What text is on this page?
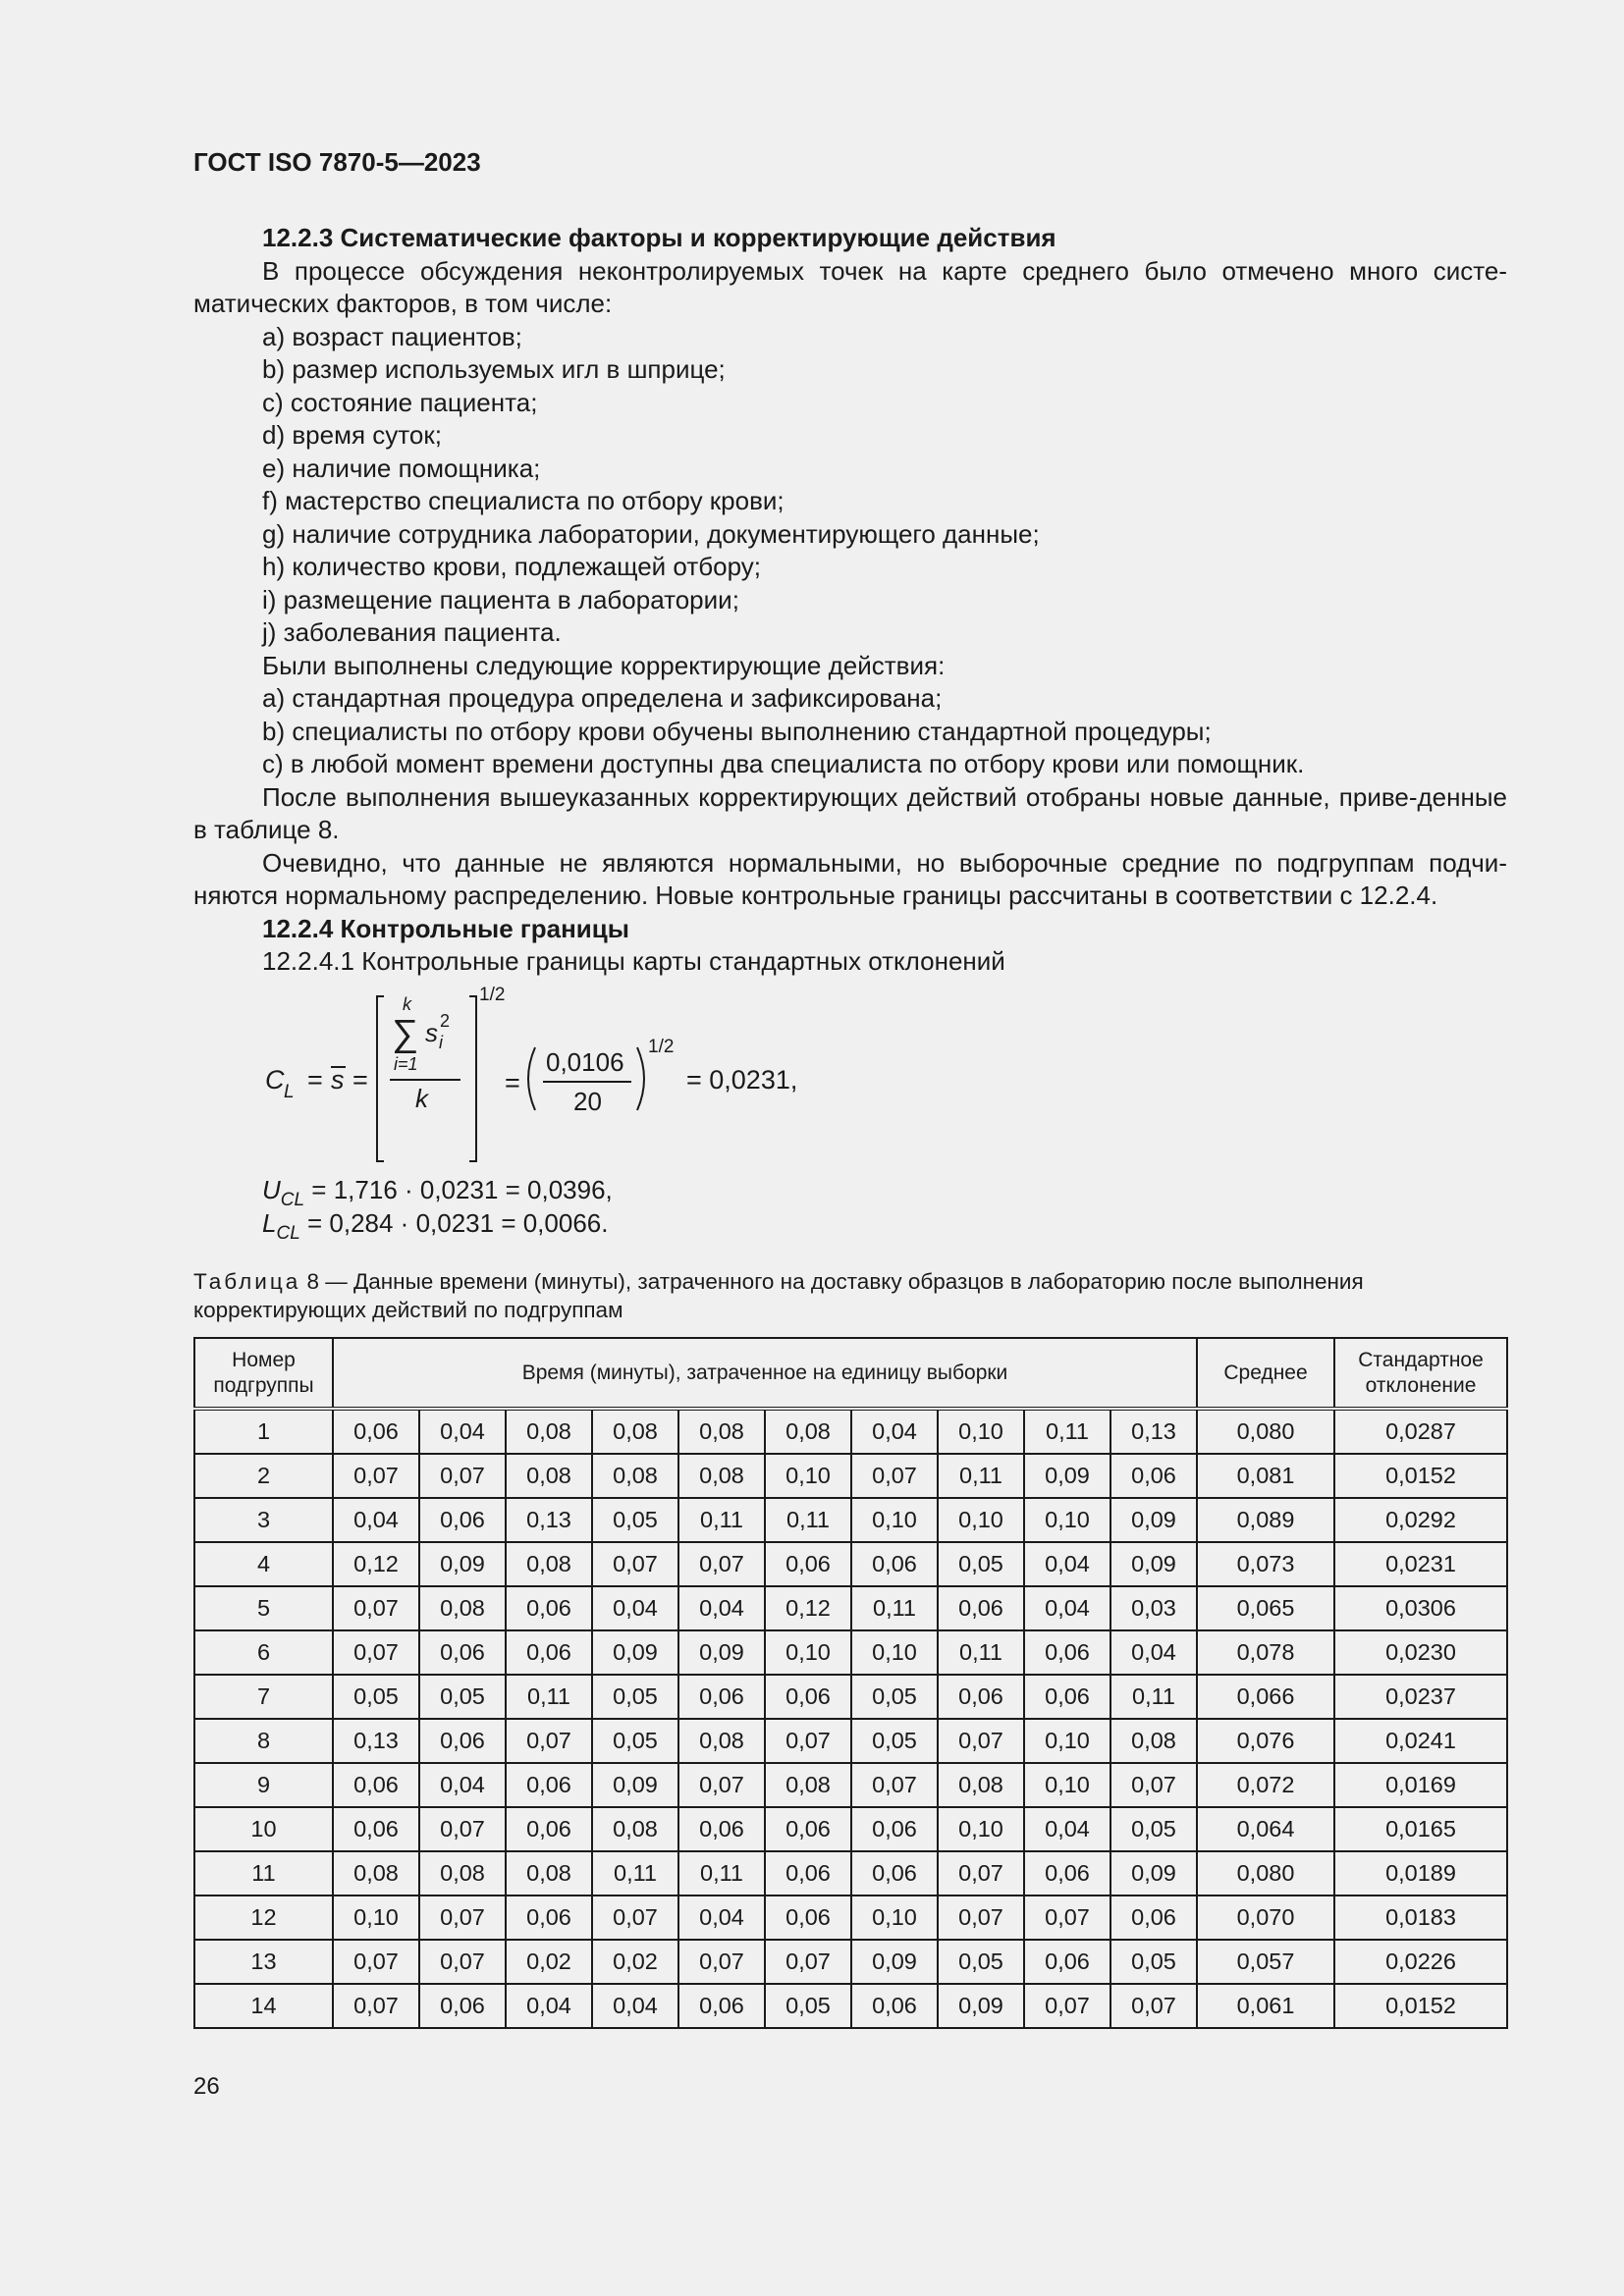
ГОСТ ISO 7870-5—2023

12.2.3 Систематические факторы и корректирующие действия

В процессе обсуждения неконтролируемых точек на карте среднего было отмечено много систе-матических факторов, в том числе:

a) возраст пациентов;

b) размер используемых игл в шприце;

c) состояние пациента;

d) время суток;

e) наличие помощника;

f) мастерство специалиста по отбору крови;

g) наличие сотрудника лаборатории, документирующего данные;

h) количество крови, подлежащей отбору;

i) размещение пациента в лаборатории;

j) заболевания пациента.

Были выполнены следующие корректирующие действия:

a) стандартная процедура определена и зафиксирована;

b) специалисты по отбору крови обучены выполнению стандартной процедуры;

c) в любой момент времени доступны два специалиста по отбору крови или помощник.

После выполнения вышеуказанных корректирующих действий отобраны новые данные, приве-денные в таблице 8.

Очевидно, что данные не являются нормальными, но выборочные средние по подгруппам подчи-няются нормальному распределению. Новые контрольные границы рассчитаны в соответствии с 12.2.4.

12.2.4 Контрольные границы

12.2.4.1 Контрольные границы карты стандартных отклонений

C L = s =
k
∑ s 2
i
i=1
k
1/2
=
0,0106
20
1/2
= 0,0231,
$U_{CL} = 1,716 \cdot 0,0231 = 0,0396$,
$L_{CL} = 0,284 \cdot 0,0231 = 0,0066$.
Таблица 8 — Данные времени (минуты), затраченного на доставку образцов в лабораторию после выполнения корректирующих действий по подгруппам
Номер подгруппы	Время (минуты), затраченное на единицу выборки										Среднее	Стандартное отклонение
1	0,06	0,04	0,08	0,08	0,08	0,08	0,04	0,10	0,11	0,13	0,080	0,0287
2	0,07	0,07	0,08	0,08	0,08	0,10	0,07	0,11	0,09	0,06	0,081	0,0152
3	0,04	0,06	0,13	0,05	0,11	0,11	0,10	0,10	0,10	0,09	0,089	0,0292
4	0,12	0,09	0,08	0,07	0,07	0,06	0,06	0,05	0,04	0,09	0,073	0,0231
5	0,07	0,08	0,06	0,04	0,04	0,12	0,11	0,06	0,04	0,03	0,065	0,0306
6	0,07	0,06	0,06	0,09	0,09	0,10	0,10	0,11	0,06	0,04	0,078	0,0230
7	0,05	0,05	0,11	0,05	0,06	0,06	0,05	0,06	0,06	0,11	0,066	0,0237
8	0,13	0,06	0,07	0,05	0,08	0,07	0,05	0,07	0,10	0,08	0,076	0,0241
9	0,06	0,04	0,06	0,09	0,07	0,08	0,07	0,08	0,10	0,07	0,072	0,0169
10	0,06	0,07	0,06	0,08	0,06	0,06	0,06	0,10	0,04	0,05	0,064	0,0165
11	0,08	0,08	0,08	0,11	0,11	0,06	0,06	0,07	0,06	0,09	0,080	0,0189
12	0,10	0,07	0,06	0,07	0,04	0,06	0,10	0,07	0,07	0,06	0,070	0,0183
13	0,07	0,07	0,02	0,02	0,07	0,07	0,09	0,05	0,06	0,05	0,057	0,0226
14	0,07	0,06	0,04	0,04	0,06	0,05	0,06	0,09	0,07	0,07	0,061	0,0152
26
